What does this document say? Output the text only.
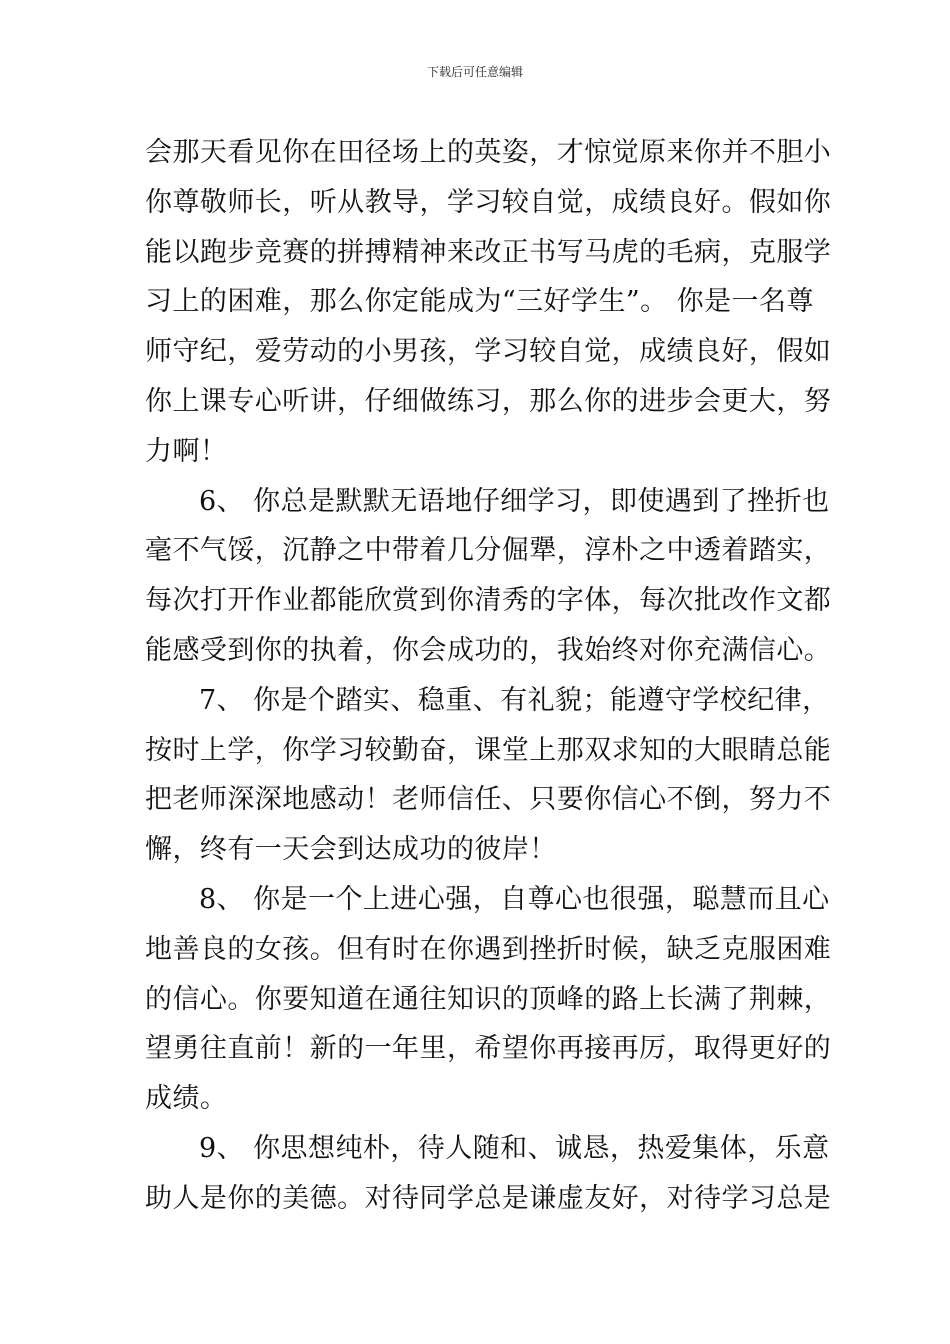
下载后可任意编辑
会那天看见你在田径场上的英姿，才惊觉原来你并不胆小
你尊敬师长，听从教导，学习较自觉，成绩良好。假如你
能以跑步竞赛的拼搏精神来改正书写马虎的毛病，克服学
习上的困难，那么你定能成为“三好学生”。 你是一名尊
师守纪，爱劳动的小男孩，学习较自觉，成绩良好，假如
你上课专心听讲，仔细做练习，那么你的进步会更大，努
力啊！
6、 你总是默默无语地仔细学习，即使遇到了挫折也
毫不气馁，沉静之中带着几分倔犟，淳朴之中透着踏实，
每次打开作业都能欣赏到你清秀的字体，每次批改作文都
能感受到你的执着，你会成功的，我始终对你充满信心。
7、 你是个踏实、稳重、有礼貌；能遵守学校纪律，
按时上学，你学习较勤奋，课堂上那双求知的大眼睛总能
把老师深深地感动！老师信任、只要你信心不倒，努力不
懈，终有一天会到达成功的彼岸！
8、 你是一个上进心强，自尊心也很强，聪慧而且心
地善良的女孩。但有时在你遇到挫折时候，缺乏克服困难
的信心。你要知道在通往知识的顶峰的路上长满了荆棘，
望勇往直前！新的一年里，希望你再接再厉，取得更好的
成绩。
9、 你思想纯朴，待人随和、诚恳，热爱集体，乐意
助人是你的美德。对待同学总是谦虚友好，对待学习总是
